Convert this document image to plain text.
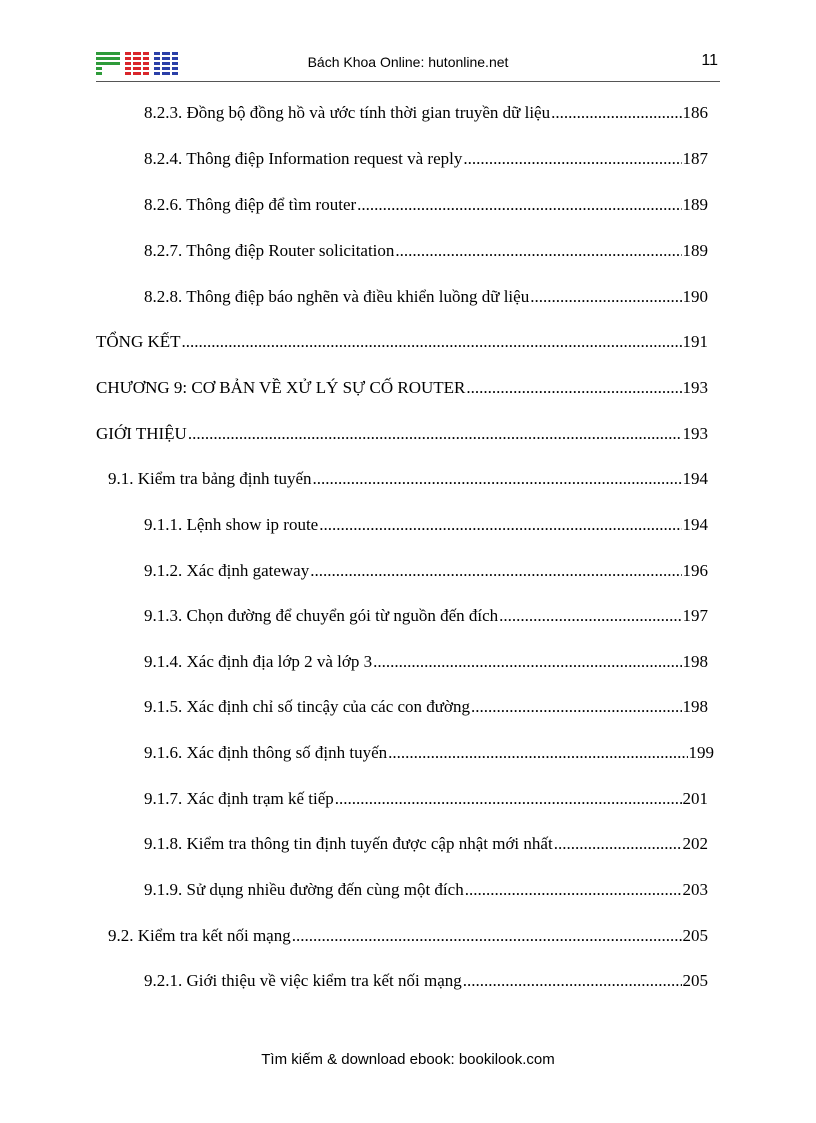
Bách Khoa Online: hutonline.net	11
8.2.3. Đồng bộ đồng hồ và ước tính thời gian truyền dữ liệu .....	186
8.2.4. Thông điệp Information request và reply .....	187
8.2.6. Thông điệp để tìm router .....	189
8.2.7. Thông điệp Router solicitation .....	189
8.2.8. Thông điệp báo nghẽn và điều khiển luồng dữ liệu .....	190
TỔNG KẾT .....	191
CHƯƠNG 9: CƠ BẢN VỀ XỬ LÝ SỰ CỐ ROUTER .....	193
GIỚI THIỆU .....	193
9.1. Kiểm tra bảng định tuyến .....	194
9.1.1. Lệnh show ip route .....	194
9.1.2. Xác định gateway .....	196
9.1.3. Chọn đường để chuyển gói từ nguồn đến đích .....	197
9.1.4. Xác định địa lớp 2 và lớp 3 .....	198
9.1.5. Xác định chỉ số tincậy của các con đường .....	198
9.1.6. Xác định thông số định tuyến .....	199
9.1.7. Xác định trạm kế tiếp .....	201
9.1.8. Kiểm tra thông tin định tuyến được cập nhật mới nhất .....	202
9.1.9. Sử dụng nhiều đường đến cùng một đích .....	203
9.2. Kiểm tra kết nối mạng .....	205
9.2.1. Giới thiệu về việc kiểm tra kết nối mạng .....	205
Tìm kiếm & download ebook: bookilook.com
